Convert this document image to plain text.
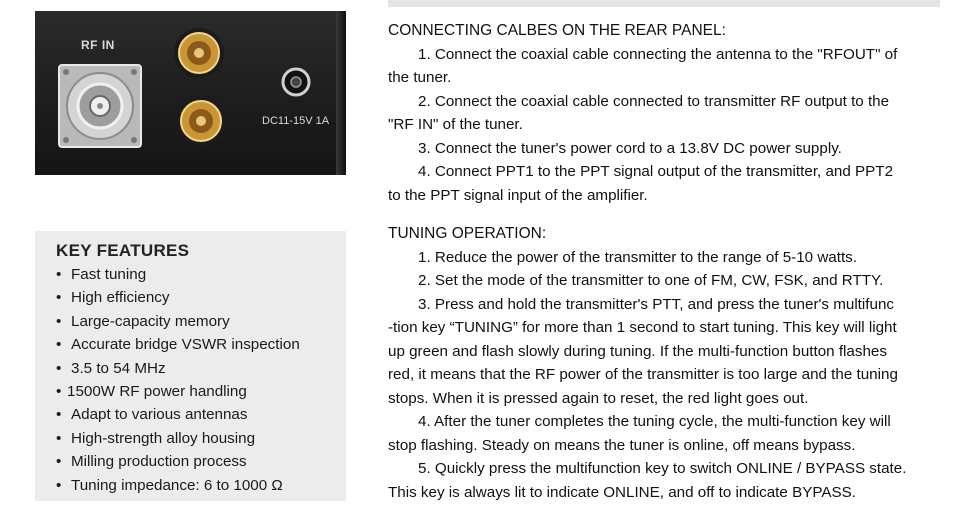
RF IN
DC11-15V 1A
KEY FEATURES
• Fast tuning
• High efficiency
• Large-capacity memory
• Accurate bridge VSWR inspection
• 3.5 to 54 MHz
• 1500W RF power handling
• Adapt to various antennas
• High-strength alloy housing
• Milling production process
• Tuning impedance: 6 to 1000 Ω
CONNECTING CALBES ON THE REAR PANEL:

1. Connect the coaxial cable connecting the antenna to the "RFOUT" of

the tuner.

2. Connect the coaxial cable connected to transmitter RF output to the

"RF IN" of the tuner.

3. Connect the tuner's power cord to a 13.8V DC power supply.

4. Connect PPT1 to the PPT signal output of the transmitter, and PPT2

to the PPT signal input of the amplifier.

TUNING OPERATION:

1. Reduce the power of the transmitter to the range of 5-10 watts.

2. Set the mode of the transmitter to one of FM, CW, FSK, and RTTY.

3. Press and hold the transmitter's PTT, and press the tuner's multifunc

-tion key “TUNING” for more than 1 second to start tuning. This key will light

up green and flash slowly during tuning. If the multi-function button flashes

red, it means that the RF power of the transmitter is too large and the tuning

stops. When it is pressed again to reset, the red light goes out.

4. After the tuner completes the tuning cycle, the multi-function key will

stop flashing. Steady on means the tuner is online, off means bypass.

5. Quickly press the multifunction key to switch ONLINE / BYPASS state.

This key is always lit to indicate ONLINE, and off to indicate BYPASS.
